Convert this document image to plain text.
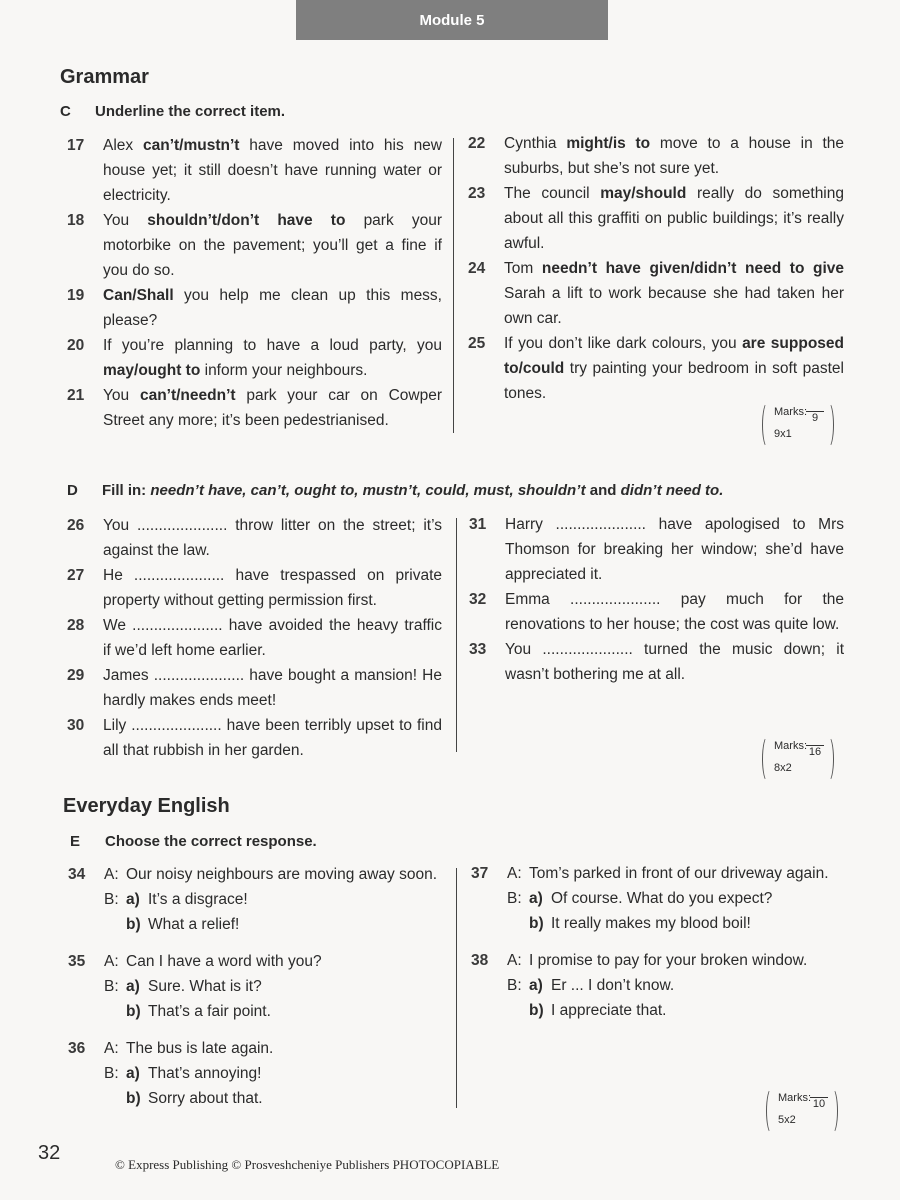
Module 5
Grammar
C Underline the correct item.
17	Alex can’t/mustn’t have moved into his new house yet; it still doesn’t have running water or electricity.
18	You shouldn’t/don’t have to park your motorbike on the pavement; you’ll get a fine if you do so.
19	Can/Shall you help me clean up this mess, please?
20	If you’re planning to have a loud party, you may/ought to inform your neighbours.
21	You can’t/needn’t park your car on Cowper Street any more; it’s been pedestrianised.
22	Cynthia might/is to move to a house in the suburbs, but she’s not sure yet.
23	The council may/should really do something about all this graffiti on public buildings; it’s really awful.
24	Tom needn’t have given/didn’t need to give Sarah a lift to work because she had taken her own car.
25	If you don’t like dark colours, you are supposed to/could try painting your bedroom in soft pastel tones.
Marks: 9
9x1
D Fill in: needn’t have, can’t, ought to, mustn’t, could, must, shouldn’t and didn’t need to.
26	You ..................... throw litter on the street; it’s against the law.
27	He ..................... have trespassed on private property without getting permission first.
28	We ..................... have avoided the heavy traffic if we’d left home earlier.
29	James ..................... have bought a mansion! He hardly makes ends meet!
30	Lily ..................... have been terribly upset to find all that rubbish in her garden.
31	Harry ..................... have apologised to Mrs Thomson for breaking her window; she’d have appreciated it.
32	Emma ..................... pay much for the renovations to her house; the cost was quite low.
33	You ..................... turned the music down; it wasn’t bothering me at all.
Marks: 16
8x2
Everyday English
E Choose the correct response.
34	A: Our noisy neighbours are moving away soon.
B: a) It’s a disgrace!
b) What a relief!
35	A: Can I have a word with you?
B: a) Sure. What is it?
b) That’s a fair point.
36	A: The bus is late again.
B: a) That’s annoying!
b) Sorry about that.
37	A: Tom’s parked in front of our driveway again.
B: a) Of course. What do you expect?
b) It really makes my blood boil!
38	A: I promise to pay for your broken window.
B: a) Er ... I don’t know.
b) I appreciate that.
Marks: 10
5x2
32
© Express Publishing © Prosveshcheniye Publishers PHOTOCOPIABLE
